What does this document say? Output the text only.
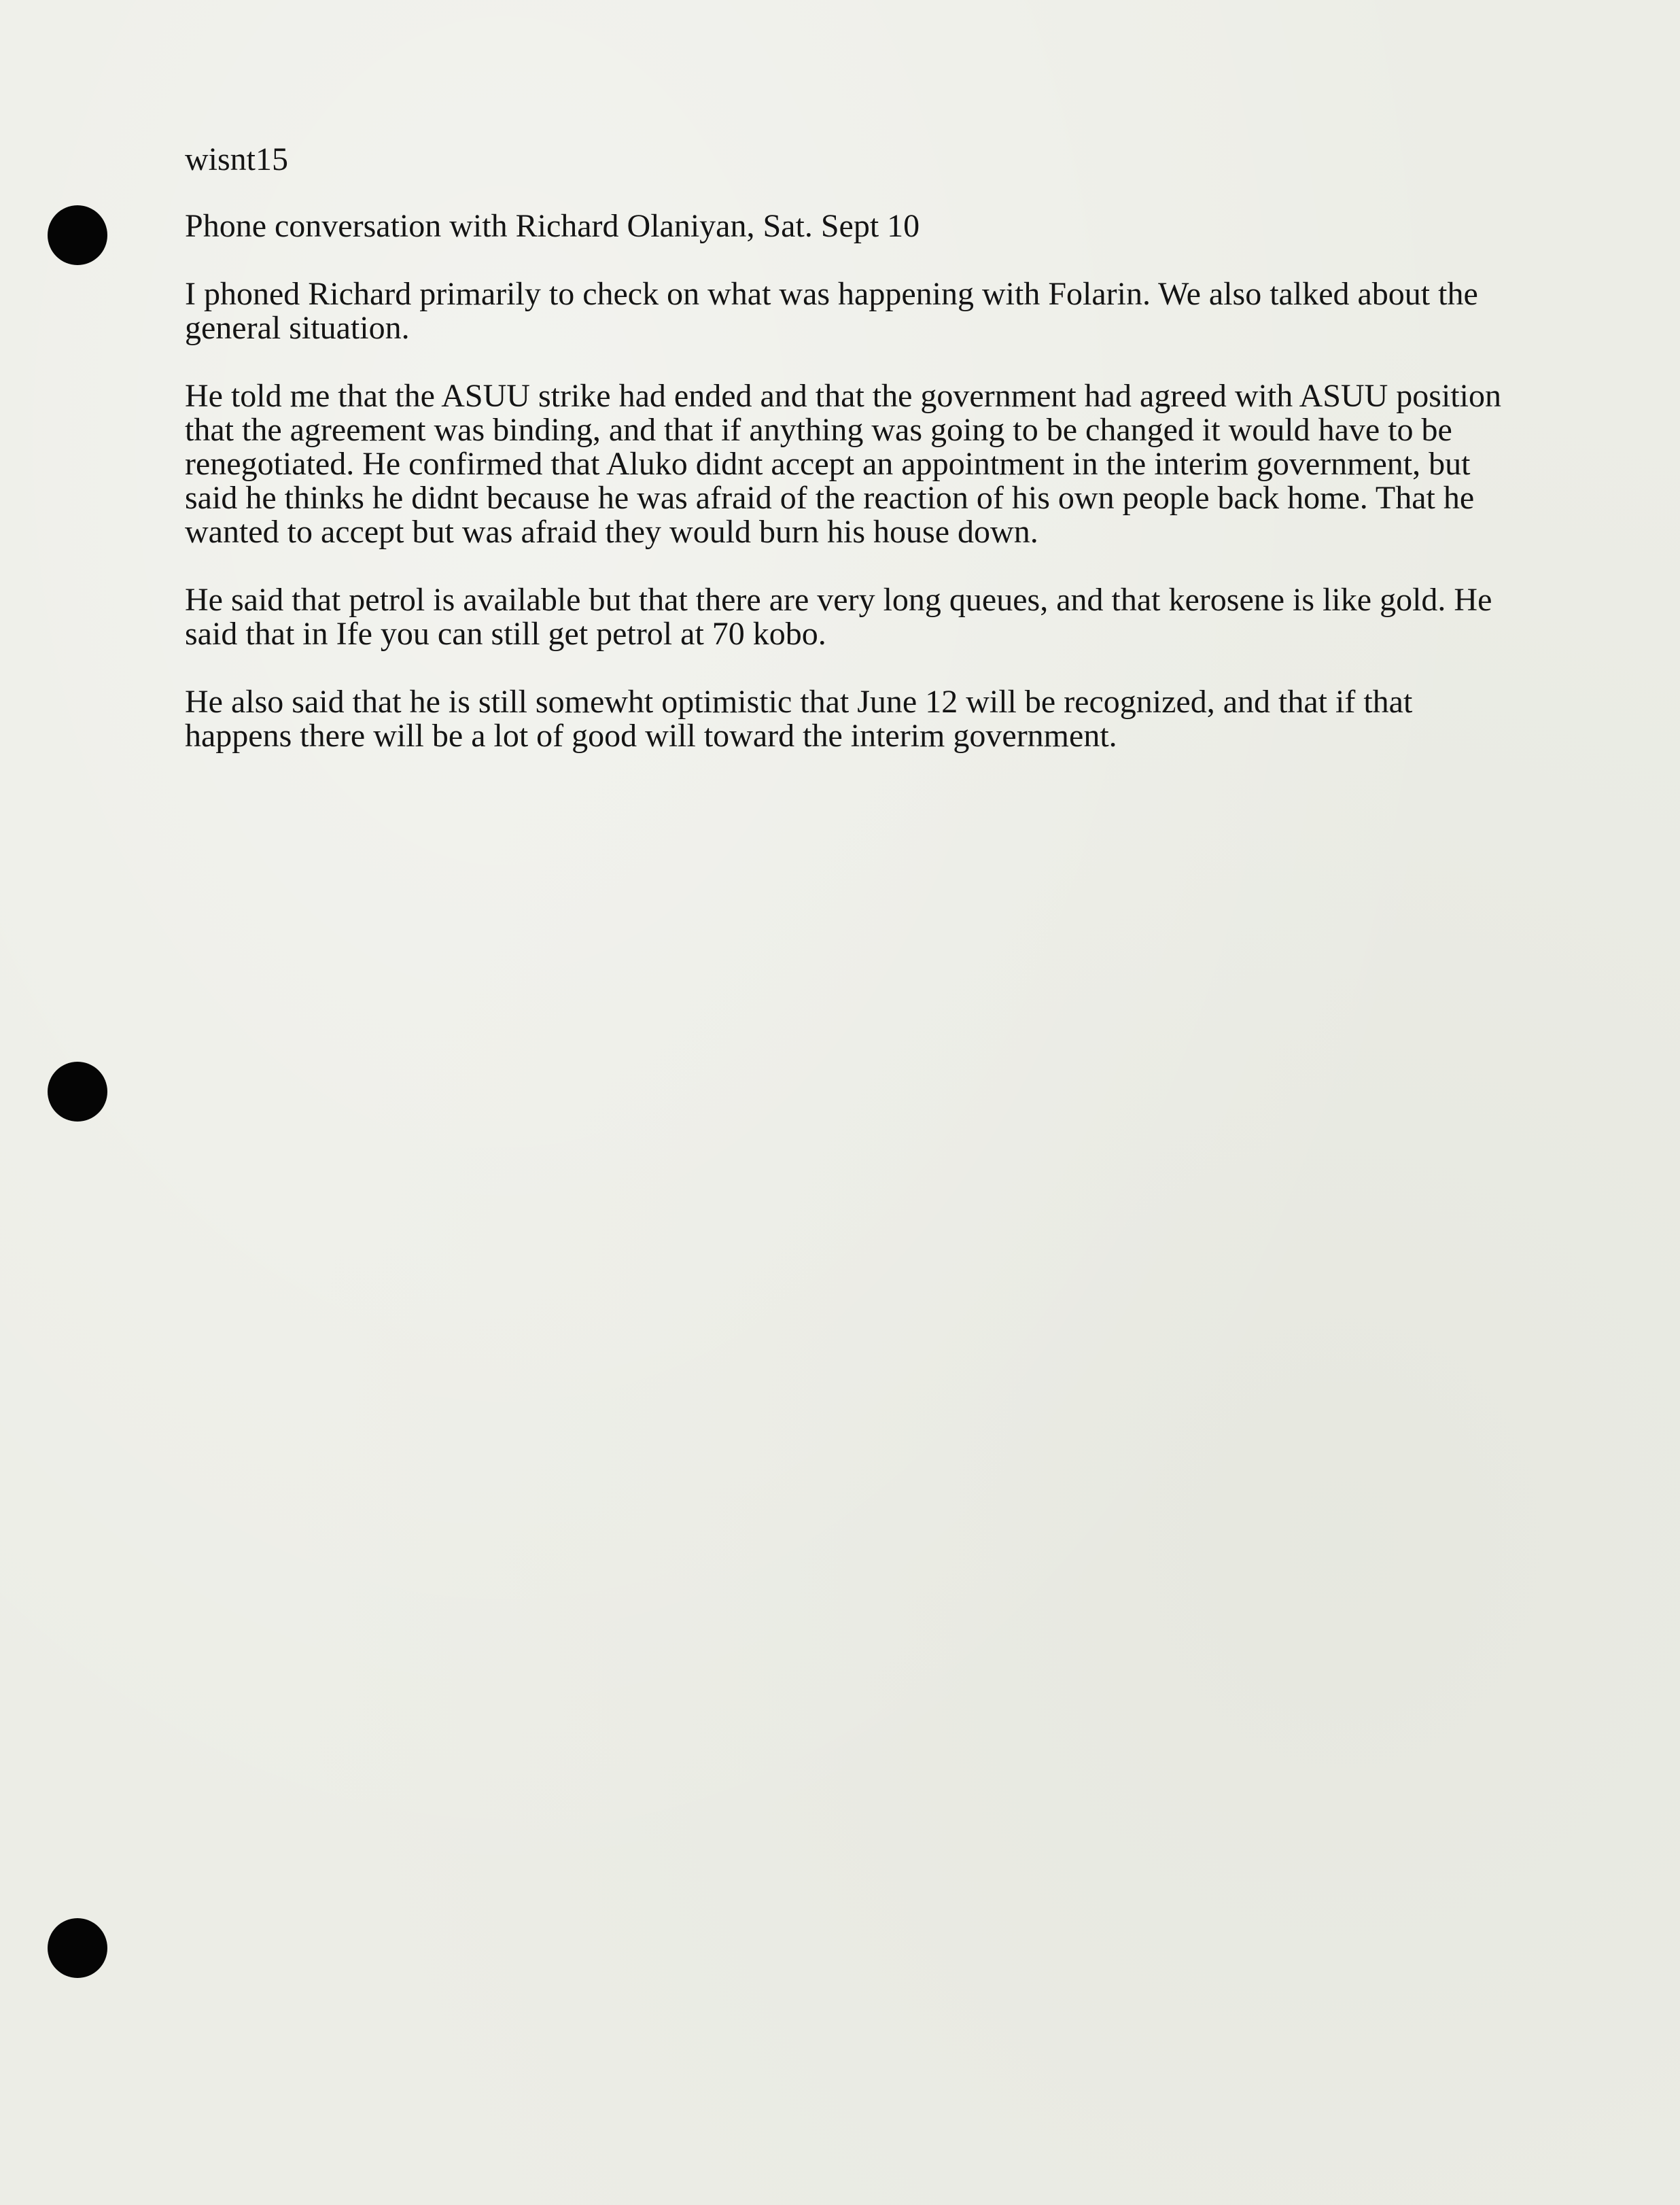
wisnt15
Phone conversation with Richard Olaniyan, Sat. Sept 10

I phoned Richard primarily to check on what was happening with Folarin. We also talked about the general situation.

He told me that the ASUU strike had ended and that the government had agreed with ASUU position that the agreement was binding, and that if anything was going to be changed it would have to be renegotiated. He confirmed that Aluko didnt accept an appointment in the interim government, but said he thinks he didnt because he was afraid of the reaction of his own people back home. That he wanted to accept but was afraid they would burn his house down.

He said that petrol is available but that there are very long queues, and that kerosene is like gold. He said that in Ife you can still get petrol at 70 kobo.

He also said that he is still somewht optimistic that June 12 will be recognized, and that if that happens there will be a lot of good will toward the interim government.
